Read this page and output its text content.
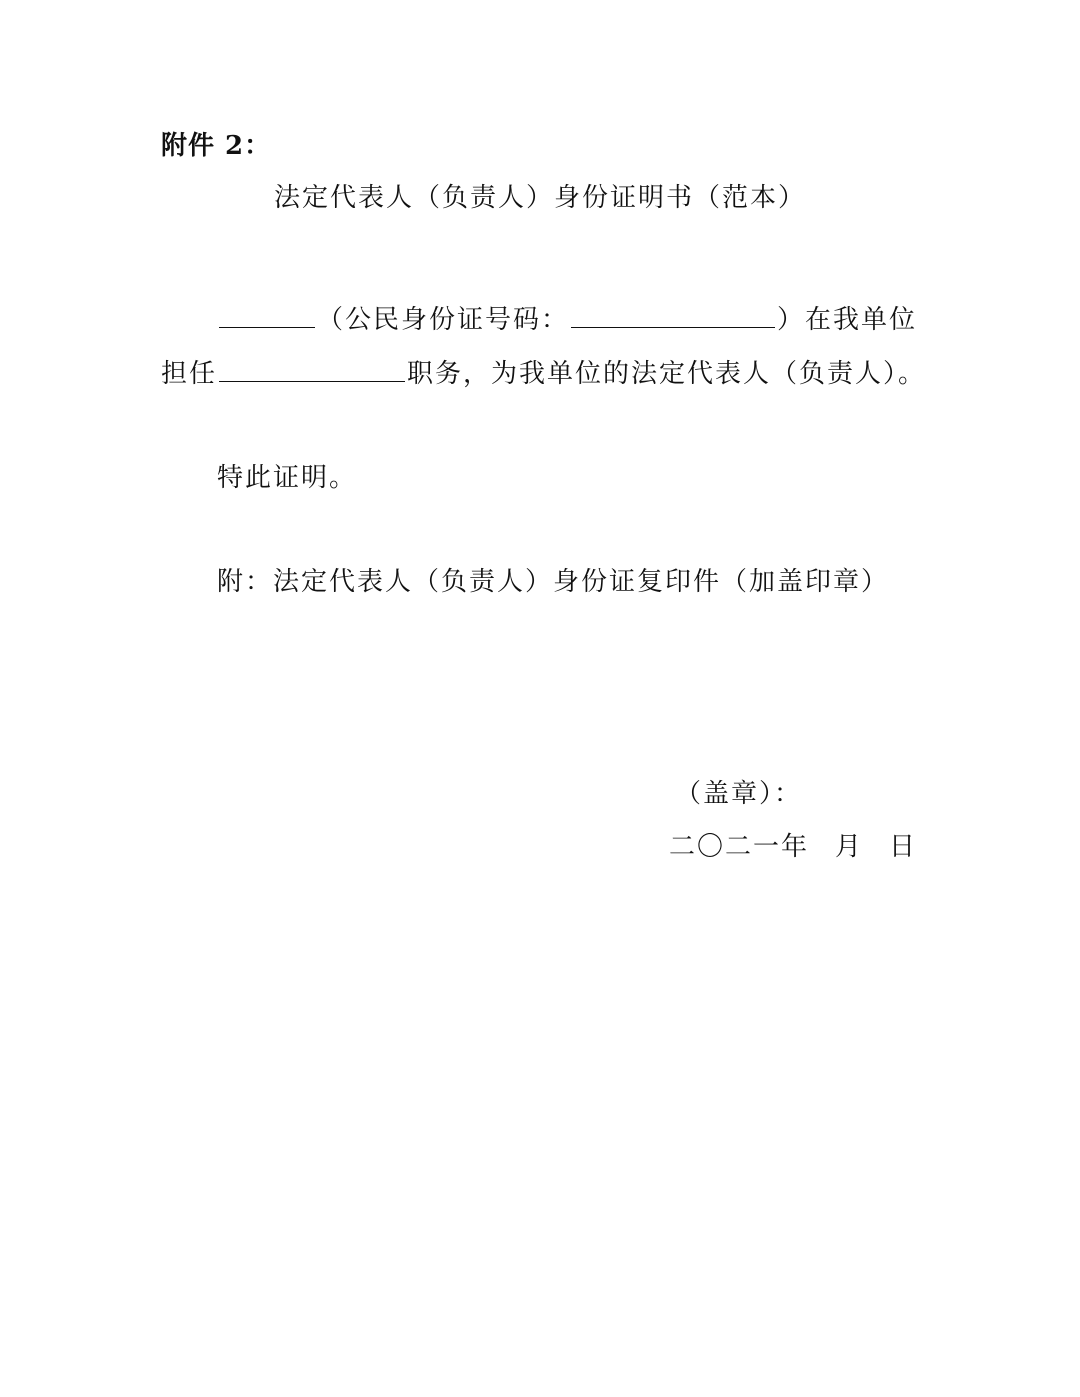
附件 2：
法定代表人（负责人）身份证明书（范本）
（公民身份证号码：	）在我单位
担任	职务，为我单位的法定代表人（负责人）。
特此证明。
附：法定代表人（负责人）身份证复印件（加盖印章）
（盖章）：
二〇二一年 月 日
